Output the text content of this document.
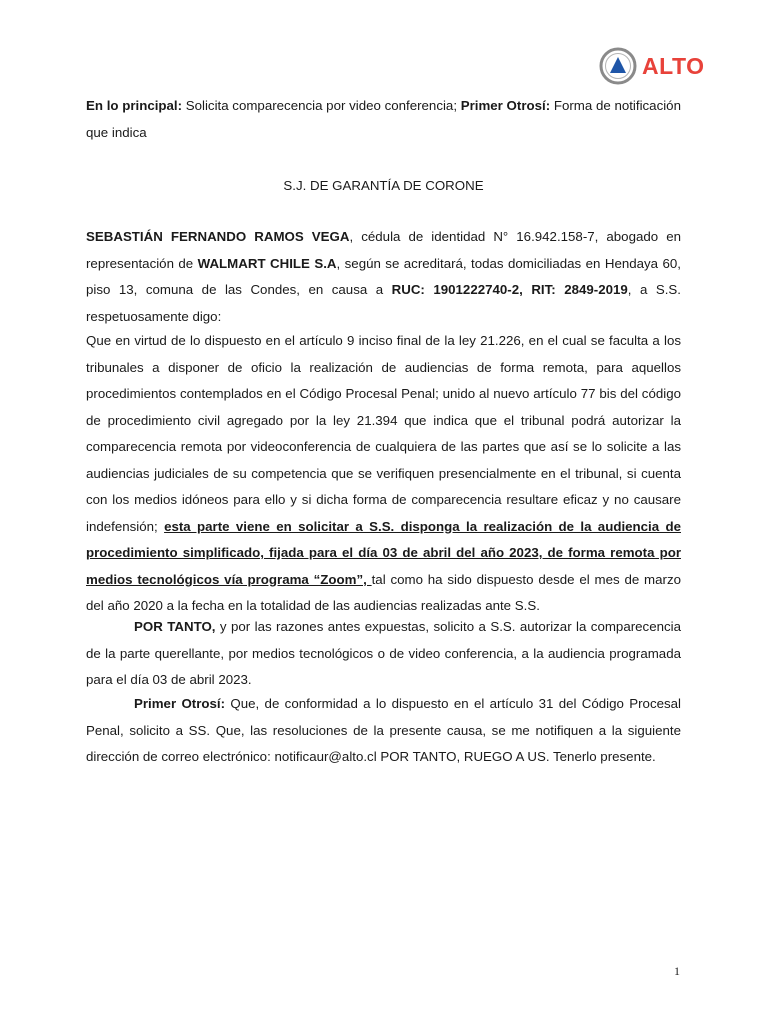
ALTO
En lo principal: Solicita comparecencia por video conferencia; Primer Otrosí: Forma de notificación que indica
S.J. DE GARANTÍA DE CORONE
SEBASTIÁN FERNANDO RAMOS VEGA, cédula de identidad N° 16.942.158-7, abogado en representación de WALMART CHILE S.A, según se acreditará, todas domiciliadas en Hendaya 60, piso 13, comuna de las Condes, en causa a RUC: 1901222740-2, RIT: 2849-2019, a S.S. respetuosamente digo:
Que en virtud de lo dispuesto en el artículo 9 inciso final de la ley 21.226, en el cual se faculta a los tribunales a disponer de oficio la realización de audiencias de forma remota, para aquellos procedimientos contemplados en el Código Procesal Penal; unido al nuevo artículo 77 bis del código de procedimiento civil agregado por la ley 21.394 que indica que el tribunal podrá autorizar la comparecencia remota por videoconferencia de cualquiera de las partes que así se lo solicite a las audiencias judiciales de su competencia que se verifiquen presencialmente en el tribunal, si cuenta con los medios idóneos para ello y si dicha forma de comparecencia resultare eficaz y no causare indefensión; esta parte viene en solicitar a S.S. disponga la realización de la audiencia de procedimiento simplificado, fijada para el día 03 de abril del año 2023, de forma remota por medios tecnológicos vía programa “Zoom”, tal como ha sido dispuesto desde el mes de marzo del año 2020 a la fecha en la totalidad de las audiencias realizadas ante S.S.
POR TANTO, y por las razones antes expuestas, solicito a S.S. autorizar la comparecencia de la parte querellante, por medios tecnológicos o de video conferencia, a la audiencia programada para el día 03 de abril 2023.
Primer Otrosí: Que, de conformidad a lo dispuesto en el artículo 31 del Código Procesal Penal, solicito a SS. Que, las resoluciones de la presente causa, se me notifiquen a la siguiente dirección de correo electrónico: notificaur@alto.cl POR TANTO, RUEGO A US. Tenerlo presente.
1
